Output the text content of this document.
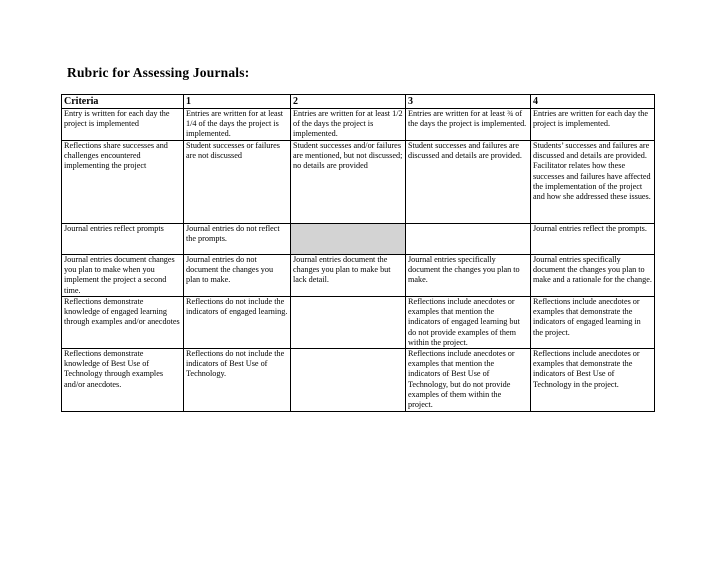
Rubric for Assessing Journals:
Criteria	1	2	3	4
Entry is written for each day the project is implemented	Entries are written for at least 1/4 of the days the project is implemented.	Entries are written for at least 1/2 of the days the project is implemented.	Entries are written for at least ¾ of the days the project is implemented.	Entries are written for each day the project is implemented.
Reflections share successes and challenges encountered implementing the project	Student successes or failures are not discussed	Student successes and/or failures are mentioned, but not discussed; no details are provided	Student successes and failures are discussed and details are provided.	Students’ successes and failures are discussed and details are provided. Facilitator relates how these successes and failures have affected the implementation of the project and how she addressed these issues.
Journal entries reflect prompts	Journal entries do not reflect the prompts.			Journal entries reflect the prompts.
Journal entries document changes you plan to make when you implement the project a second time.	Journal entries do not document the changes you plan to make.	Journal entries document the changes you plan to make but lack detail.	Journal entries specifically document the changes you plan to make.	Journal entries specifically document the changes you plan to make and a rationale for the change.
Reflections demonstrate knowledge of engaged learning through examples and/or anecdotes	Reflections do not include the indicators of engaged learning.		Reflections include anecdotes or examples that mention the indicators of engaged learning but do not provide examples of them within the project.	Reflections include anecdotes or examples that demonstrate the indicators of engaged learning in the project.
Reflections demonstrate knowledge of Best Use of Technology through examples and/or anecdotes.	Reflections do not include the indicators of Best Use of Technology.		Reflections include anecdotes or examples that mention the indicators of Best Use of Technology, but do not provide examples of them within the project.	Reflections include anecdotes or examples that demonstrate the indicators of Best Use of Technology in the project.
